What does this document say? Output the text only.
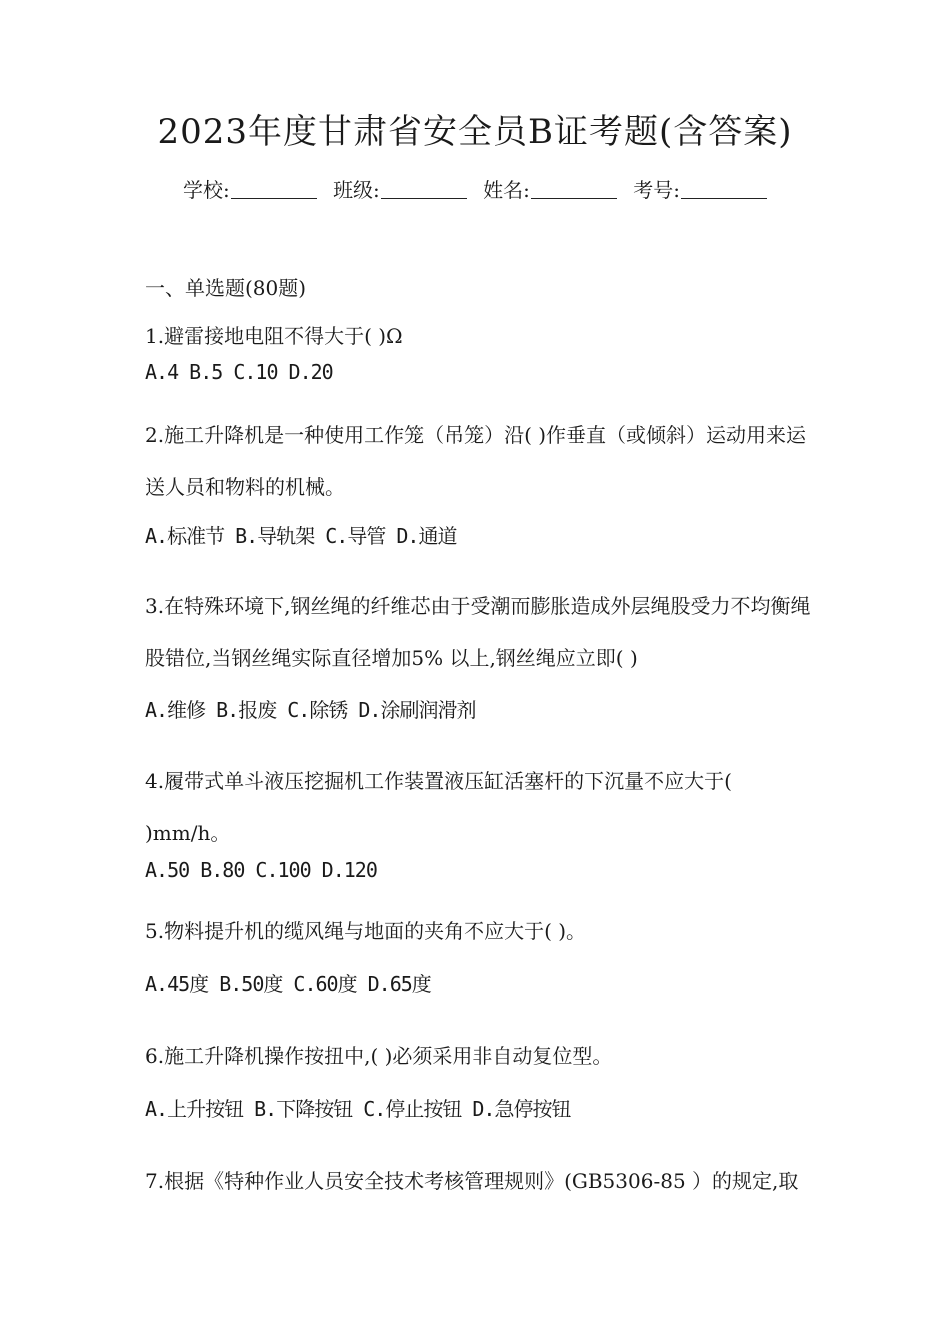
2023年度甘肃省安全员B证考题(含答案)
学校:	班级:	姓名:	考号:
一、单选题(80题)

1.避雷接地电阻不得大于( )Ω

A.4 B.5 C.10 D.20

2.施工升降机是一种使用工作笼（吊笼）沿( )作垂直（或倾斜）运动用来运送人员和物料的机械。

A.标准节 B.导轨架 C.导管 D.通道

3.在特殊环境下,钢丝绳的纤维芯由于受潮而膨胀造成外层绳股受力不均衡绳股错位,当钢丝绳实际直径增加5% 以上,钢丝绳应立即( )

A.维修 B.报废 C.除锈 D.涂刷润滑剂

4.履带式单斗液压挖掘机工作装置液压缸活塞杆的下沉量不应大于( )mm/h。

A.50 B.80 C.100 D.120

5.物料提升机的缆风绳与地面的夹角不应大于( )。

A.45度 B.50度 C.60度 D.65度

6.施工升降机操作按扭中,( )必须采用非自动复位型。

A.上升按钮 B.下降按钮 C.停止按钮 D.急停按钮

7.根据《特种作业人员安全技术考核管理规则》(GB5306-85 ）的规定,取
